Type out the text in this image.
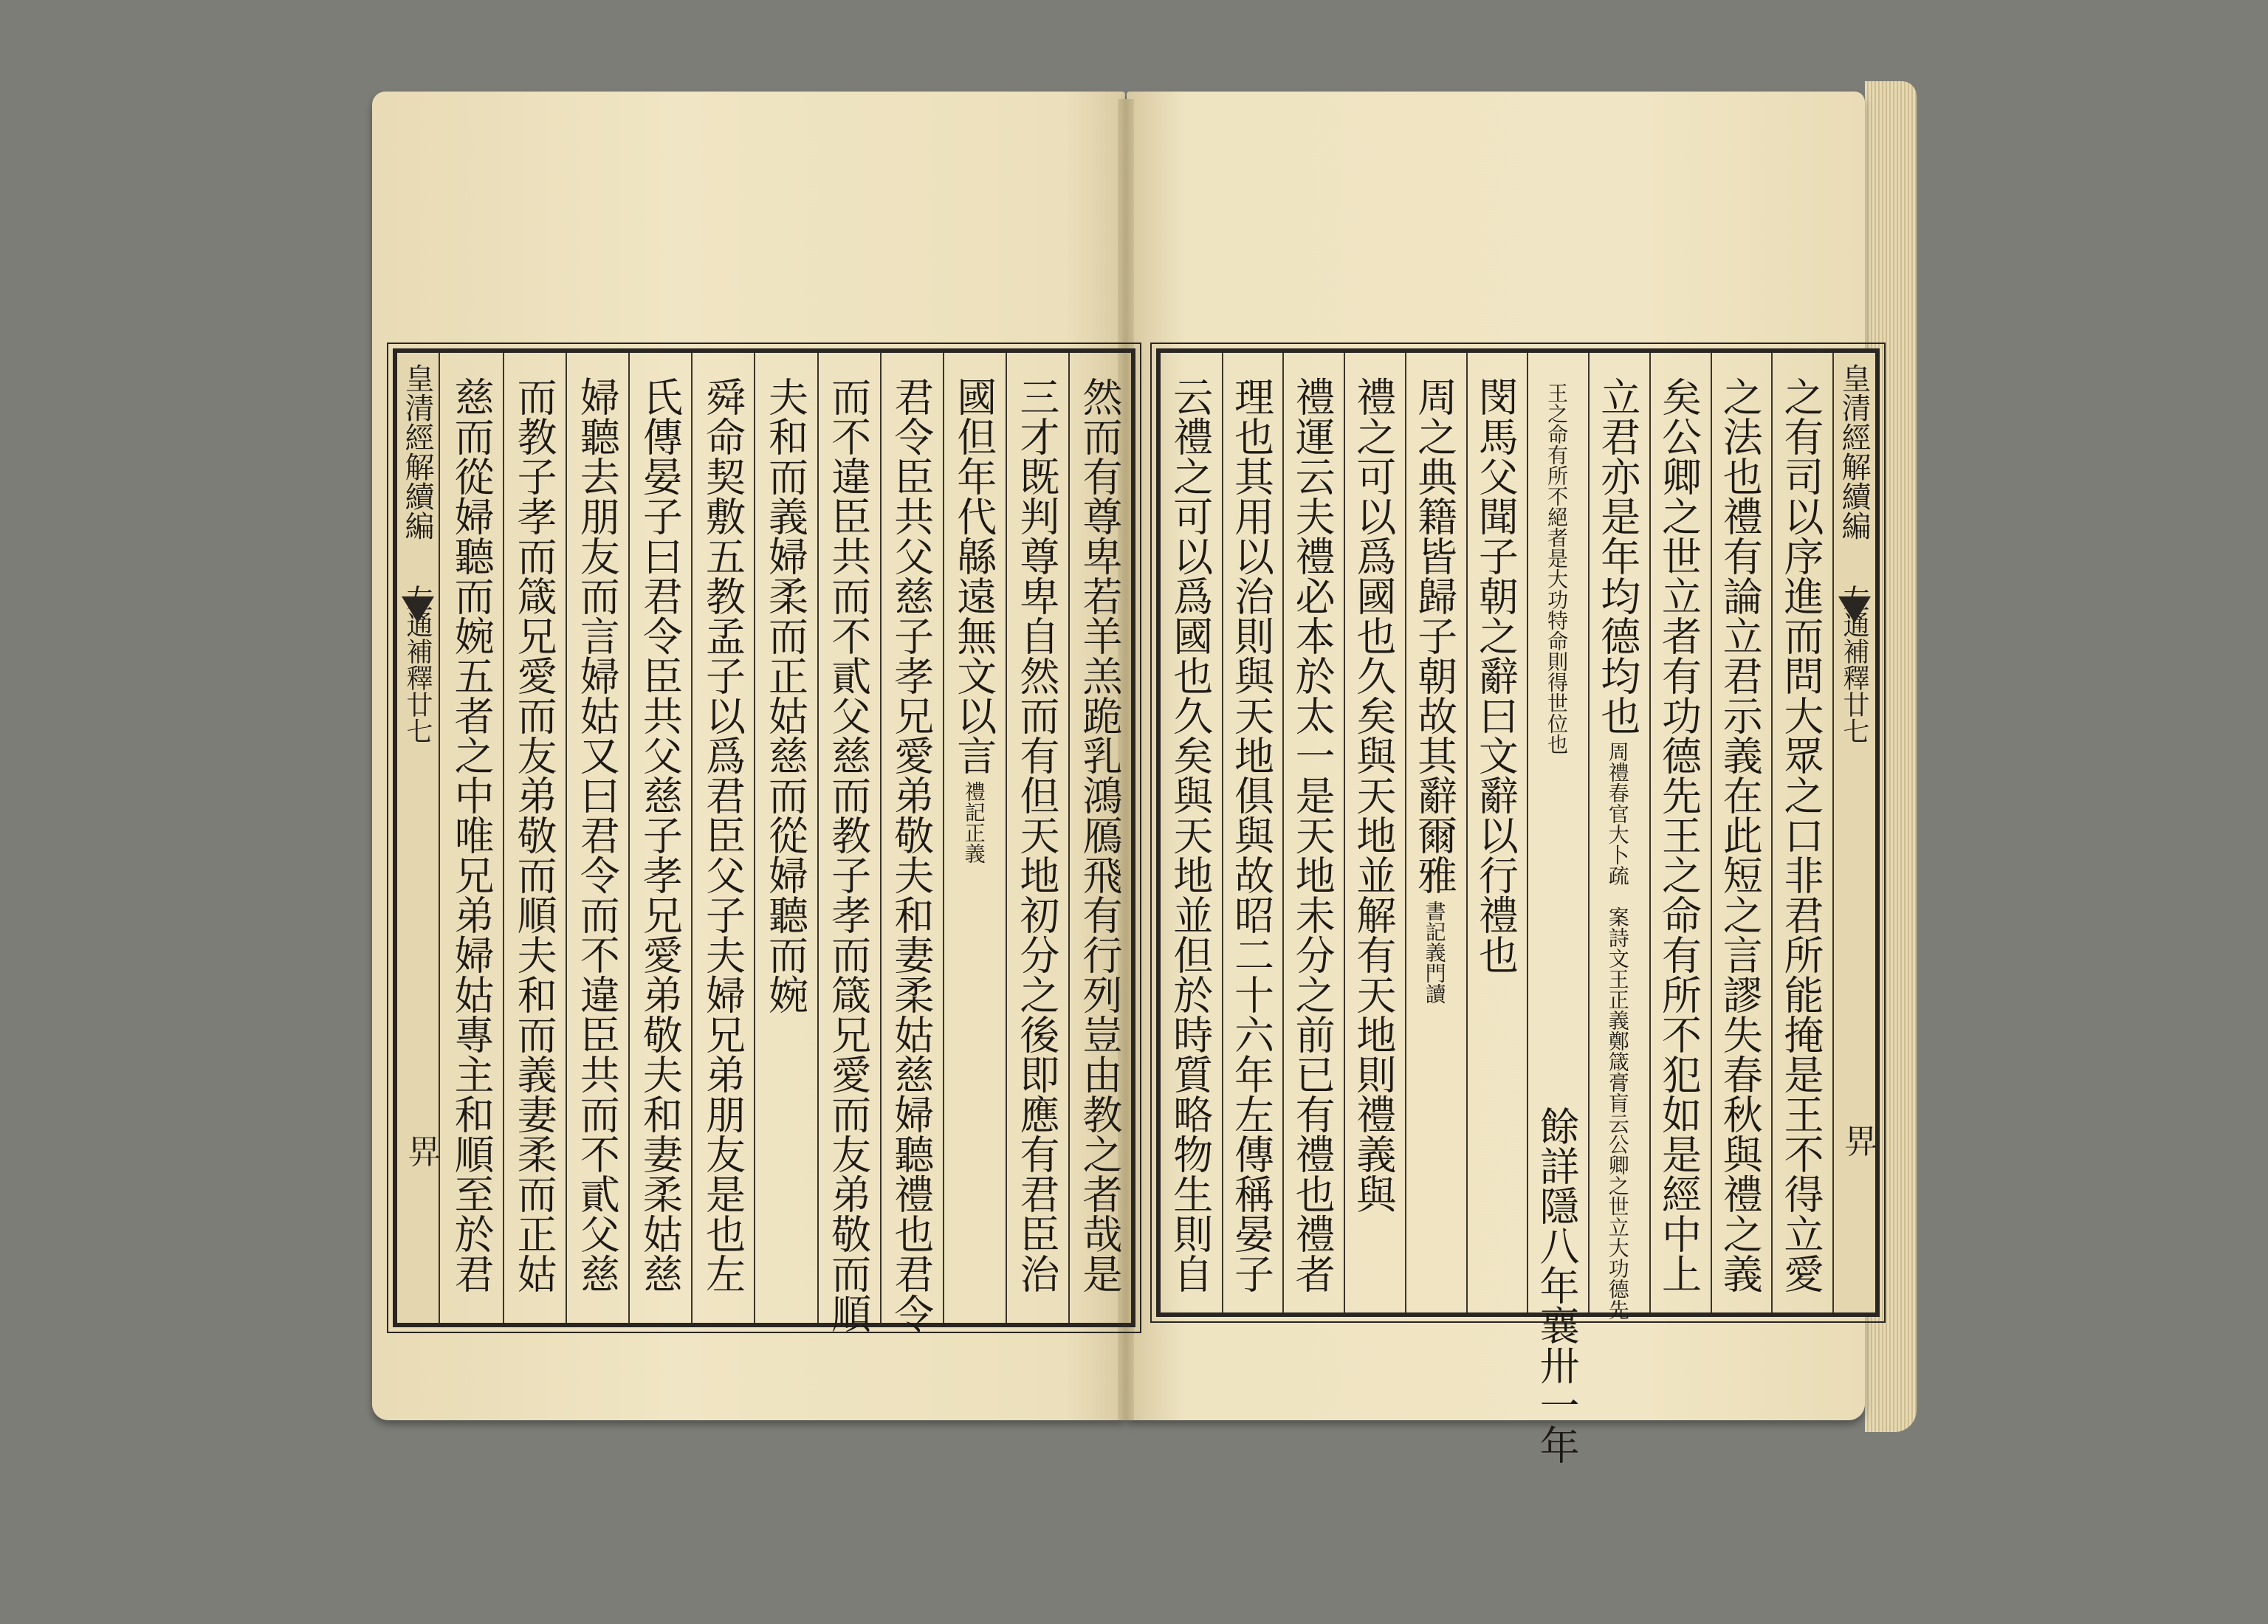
皇清經解續編
左通補釋廿七
𢌿	然而有尊卑若羊羔跪乳鴻鴈飛有行列豈由教之者哉是
三才既判尊卑自然而有但天地初分之後即應有君臣治
國但年代緜遠無文以言禮記正義
君令臣共父慈子孝兄愛弟敬夫和妻柔姑慈婦聽禮也君令
而不違臣共而不貳父慈而教子孝而箴兄愛而友弟敬而順
夫和而義婦柔而正姑慈而從婦聽而婉
舜命契敷五教孟子以爲君臣父子夫婦兄弟朋友是也左
氏傳晏子曰君令臣共父慈子孝兄愛弟敬夫和妻柔姑慈
婦聽去朋友而言婦姑又曰君令而不違臣共而不貳父慈
而教子孝而箴兄愛而友弟敬而順夫和而義妻柔而正姑
慈而從婦聽而婉五者之中唯兄弟婦姑專主和順至於君	皇清經解續編
左通補釋廿七
𢌿
之有司以序進而問大眾之口非君所能掩是王不得立愛
之法也禮有論立君示義在此短之言謬失春秋與禮之義
矣公卿之世立者有功德先王之命有所不犯如是經中上
立君亦是年均德均也周禮春官大卜疏　案詩文王正義鄭箴膏肓云公卿之世立大功德先
王之命有所不絕者是大功特命則得世位也餘詳隱八年襄卅一年
閔馬父聞子朝之辭曰文辭以行禮也
周之典籍皆歸子朝故其辭爾雅書記義門讀
禮之可以爲國也久矣與天地並解有天地則禮義與
禮運云夫禮必本於太一是天地未分之前已有禮也禮者
理也其用以治則與天地俱與故昭二十六年左傳稱晏子
云禮之可以爲國也久矣與天地並但於時質略物生則自
